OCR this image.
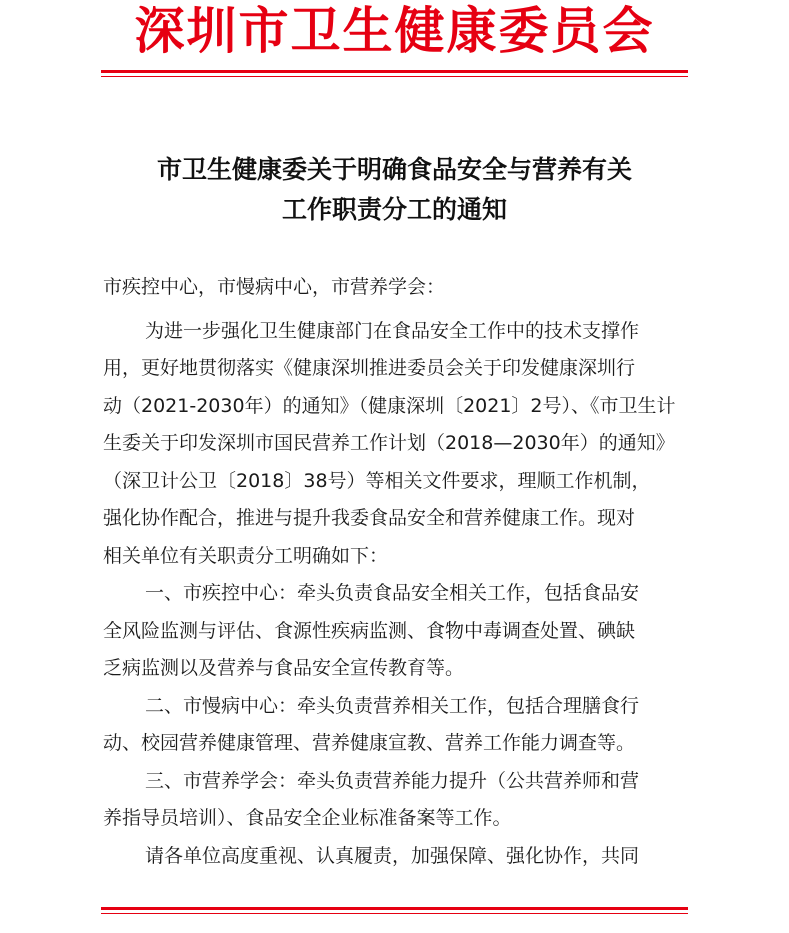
深圳市卫生健康委员会
市卫生健康委关于明确食品安全与营养有关
工作职责分工的通知
市疾控中心，市慢病中心，市营养学会：
为进一步强化卫生健康部门在食品安全工作中的技术支撑作
用，更好地贯彻落实《健康深圳推进委员会关于印发健康深圳行
动（2021-2030年）的通知》（健康深圳〔2021〕2号）、《市卫生计
生委关于印发深圳市国民营养工作计划（2018—2030年）的通知》
（深卫计公卫〔2018〕38号）等相关文件要求，理顺工作机制，
强化协作配合，推进与提升我委食品安全和营养健康工作。现对
相关单位有关职责分工明确如下：
一、市疾控中心：牵头负责食品安全相关工作，包括食品安
全风险监测与评估、食源性疾病监测、食物中毒调查处置、碘缺
乏病监测以及营养与食品安全宣传教育等。
二、市慢病中心：牵头负责营养相关工作，包括合理膳食行
动、校园营养健康管理、营养健康宣教、营养工作能力调查等。
三、市营养学会：牵头负责营养能力提升（公共营养师和营
养指导员培训）、食品安全企业标准备案等工作。
请各单位高度重视、认真履责，加强保障、强化协作，共同
